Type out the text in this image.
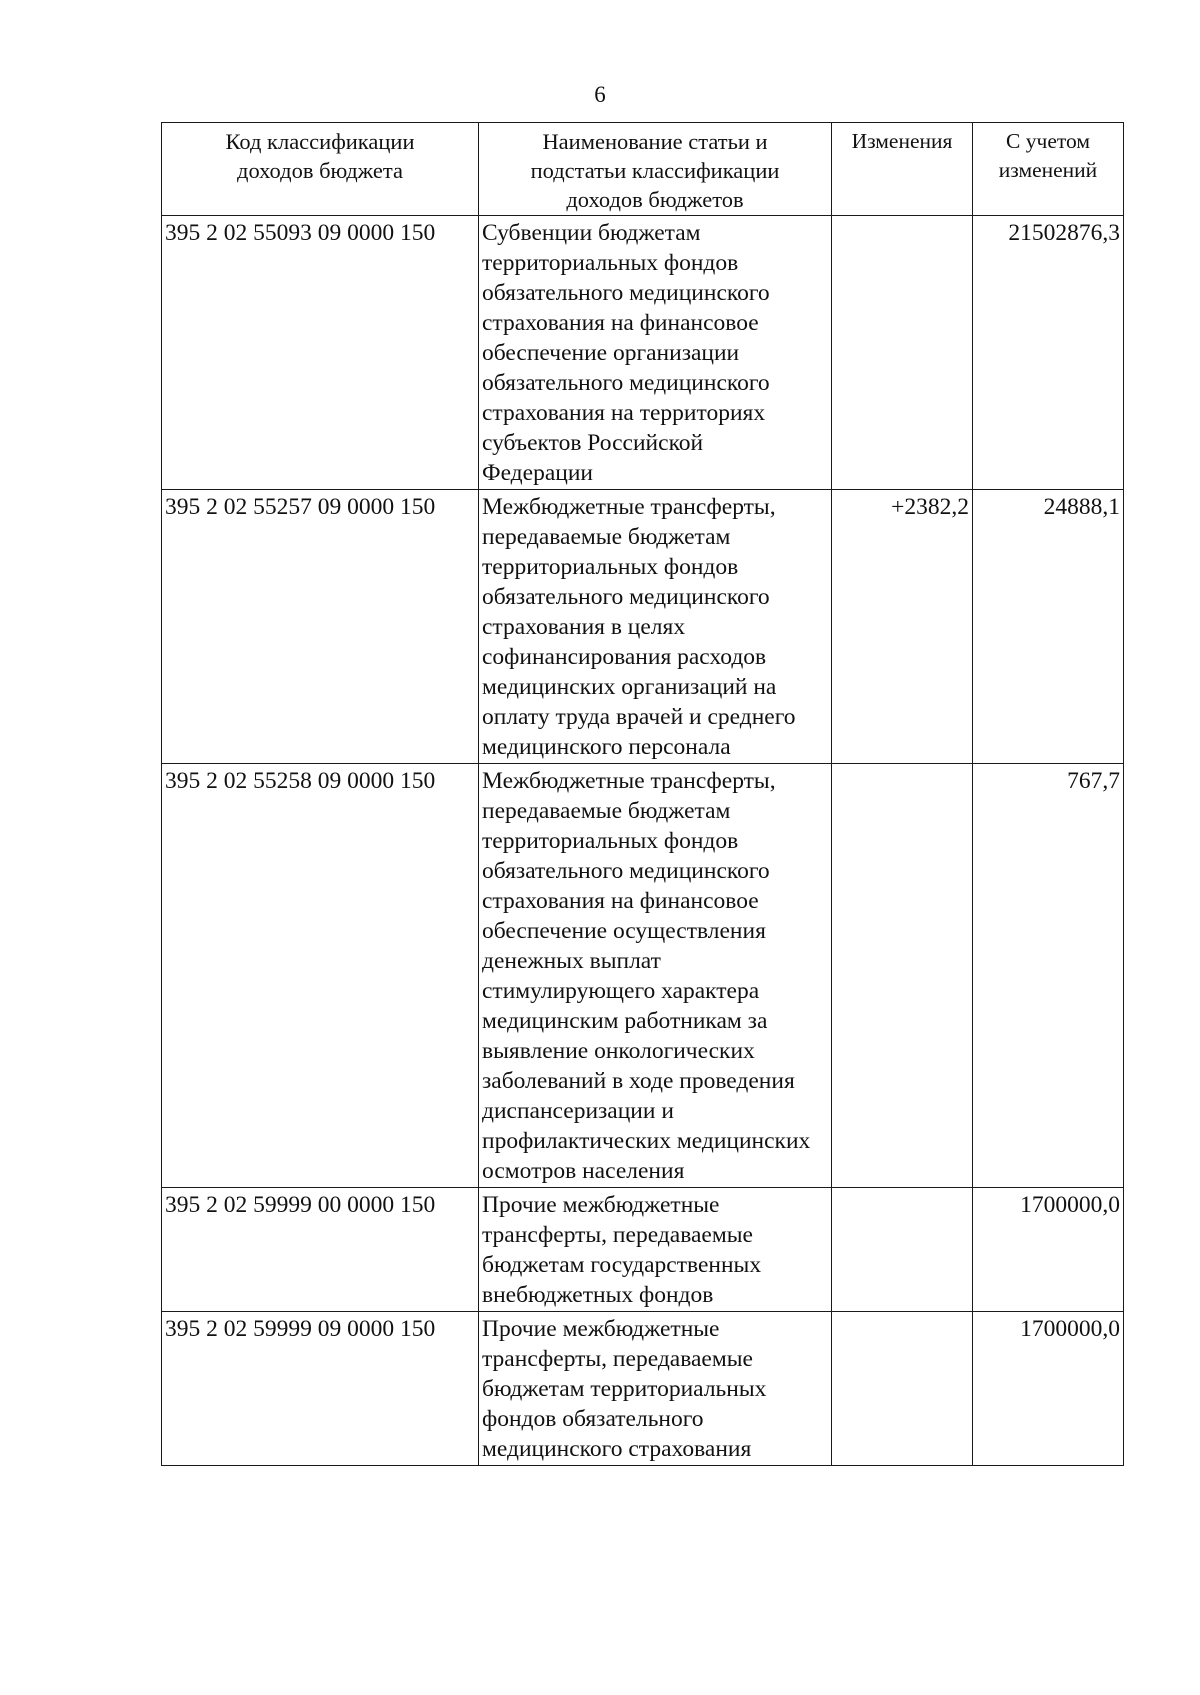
6
Код классификации доходов бюджета	Наименование статьи и подстатьи классификации доходов бюджетов	Изменения	С учетом изменений

395 2 02 55093 09 0000 150	Субвенции бюджетам территориальных фондов обязательного медицинского страхования на финансовое обеспечение организации обязательного медицинского страхования на территориях субъектов Российской Федерации		21502876,3
395 2 02 55257 09 0000 150	Межбюджетные трансферты, передаваемые бюджетам территориальных фондов обязательного медицинского страхования в целях софинансирования расходов медицинских организаций на оплату труда врачей и среднего медицинского персонала	+2382,2	24888,1
395 2 02 55258 09 0000 150	Межбюджетные трансферты, передаваемые бюджетам территориальных фондов обязательного медицинского страхования на финансовое обеспечение осуществления денежных выплат стимулирующего характера медицинским работникам за выявление онкологических заболеваний в ходе проведения диспансеризации и профилактических медицинских осмотров населения		767,7
395 2 02 59999 00 0000 150	Прочие межбюджетные трансферты, передаваемые бюджетам государственных внебюджетных фондов		1700000,0
395 2 02 59999 09 0000 150	Прочие межбюджетные трансферты, передаваемые бюджетам территориальных фондов обязательного медицинского страхования		1700000,0
